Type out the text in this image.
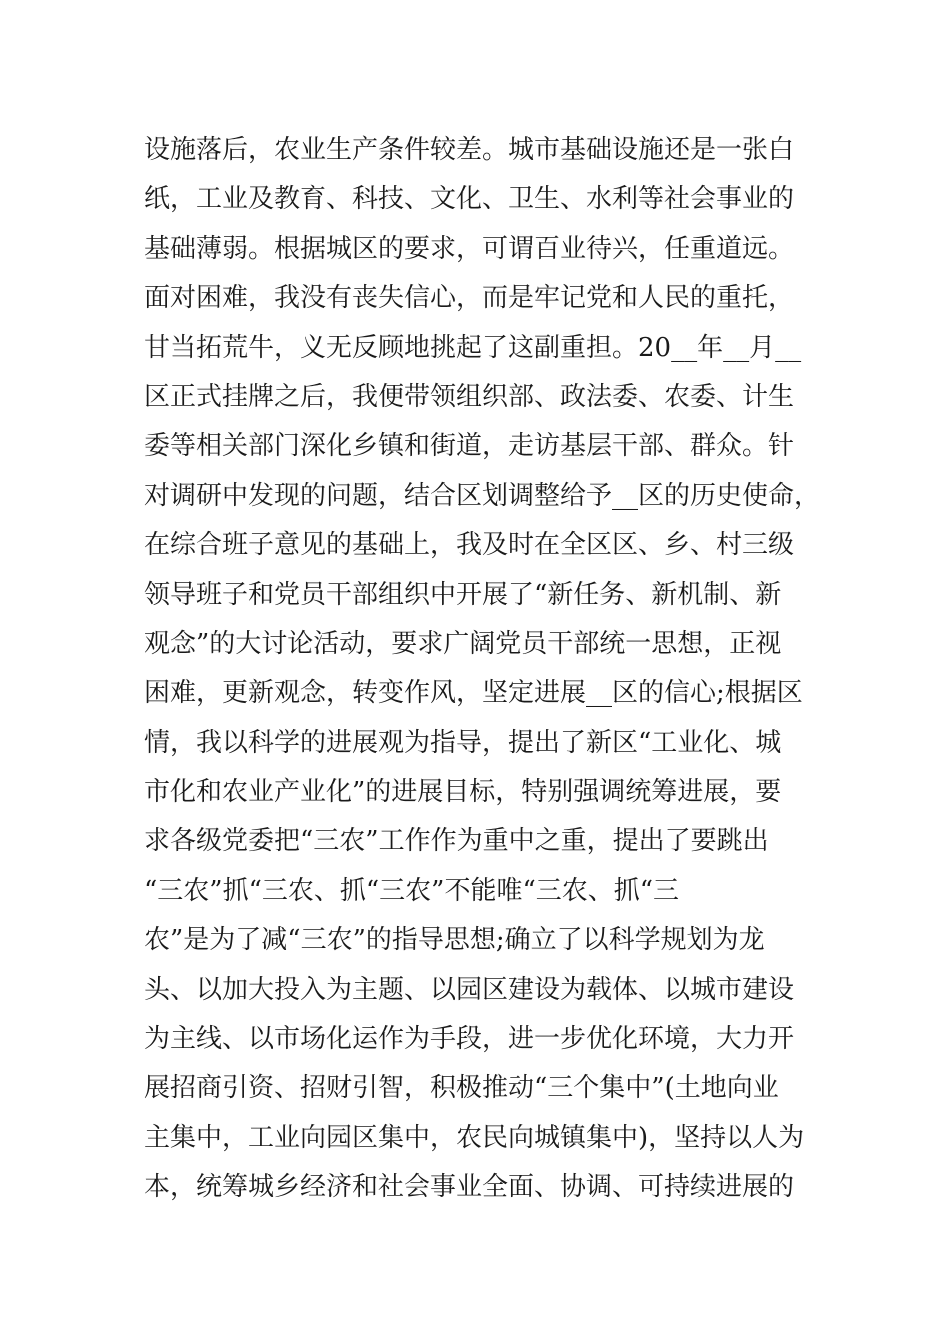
设施落后，农业生产条件较差。城市基础设施还是一张白
纸，工业及教育、科技、文化、卫生、水利等社会事业的
基础薄弱。根据城区的要求，可谓百业待兴，任重道远。
面对困难，我没有丧失信心，而是牢记党和人民的重托，
甘当拓荒牛，义无反顾地挑起了这副重担。20__年__月__
区正式挂牌之后，我便带领组织部、政法委、农委、计生
委等相关部门深化乡镇和街道，走访基层干部、群众。针
对调研中发现的问题，结合区划调整给予__区的历史使命，
在综合班子意见的基础上，我及时在全区区、乡、村三级
领导班子和党员干部组织中开展了“新任务、新机制、新
观念”的大讨论活动，要求广阔党员干部统一思想，正视
困难，更新观念，转变作风，坚定进展__区的信心;根据区
情，我以科学的进展观为指导，提出了新区“工业化、城
市化和农业产业化”的进展目标，特别强调统筹进展，要
求各级党委把“三农”工作作为重中之重，提出了要跳出
“三农”抓“三农、抓“三农”不能唯“三农、抓“三
农”是为了减“三农”的指导思想;确立了以科学规划为龙
头、以加大投入为主题、以园区建设为载体、以城市建设
为主线、以市场化运作为手段，进一步优化环境，大力开
展招商引资、招财引智，积极推动“三个集中”(土地向业
主集中，工业向园区集中，农民向城镇集中)，坚持以人为
本，统筹城乡经济和社会事业全面、协调、可持续进展的
